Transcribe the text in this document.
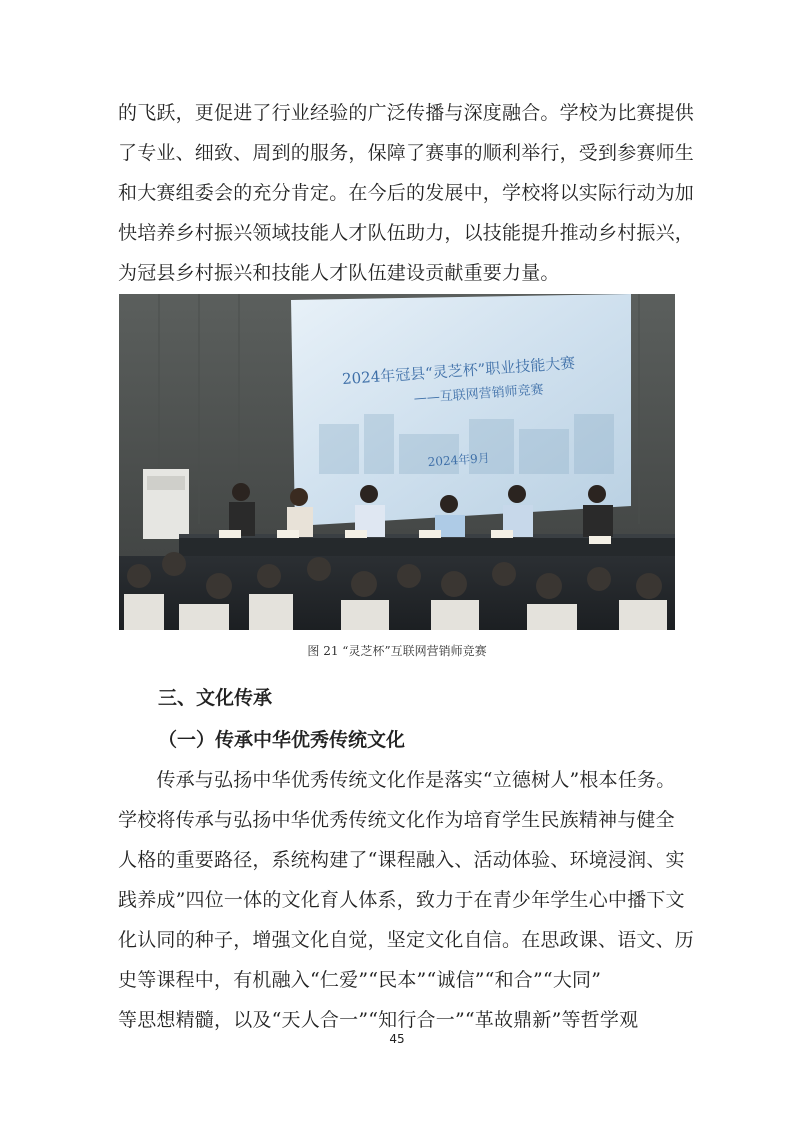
的飞跃，更促进了行业经验的广泛传播与深度融合。学校为比赛提供

了专业、细致、周到的服务，保障了赛事的顺利举行，受到参赛师生

和大赛组委会的充分肯定。在今后的发展中，学校将以实际行动为加

快培养乡村振兴领域技能人才队伍助力，以技能提升推动乡村振兴，

为冠县乡村振兴和技能人才队伍建设贡献重要力量。

2024年冠县“灵芝杯”职业技能大赛
——互联网营销师竞赛
2024年9月
图 21 “灵芝杯”互联网营销师竞赛
三、文化传承
（一）传承中华优秀传统文化

　　传承与弘扬中华优秀传统文化作是落实“立德树人”根本任务。

学校将传承与弘扬中华优秀传统文化作为培育学生民族精神与健全

人格的重要路径，系统构建了“课程融入、活动体验、环境浸润、实

践养成”四位一体的文化育人体系，致力于在青少年学生心中播下文

化认同的种子，增强文化自觉，坚定文化自信。在思政课、语文、历

史等课程中，有机融入“仁爱”“民本”“诚信”“和合”“大同”

等思想精髓，以及“天人合一”“知行合一”“革故鼎新”等哲学观

45
